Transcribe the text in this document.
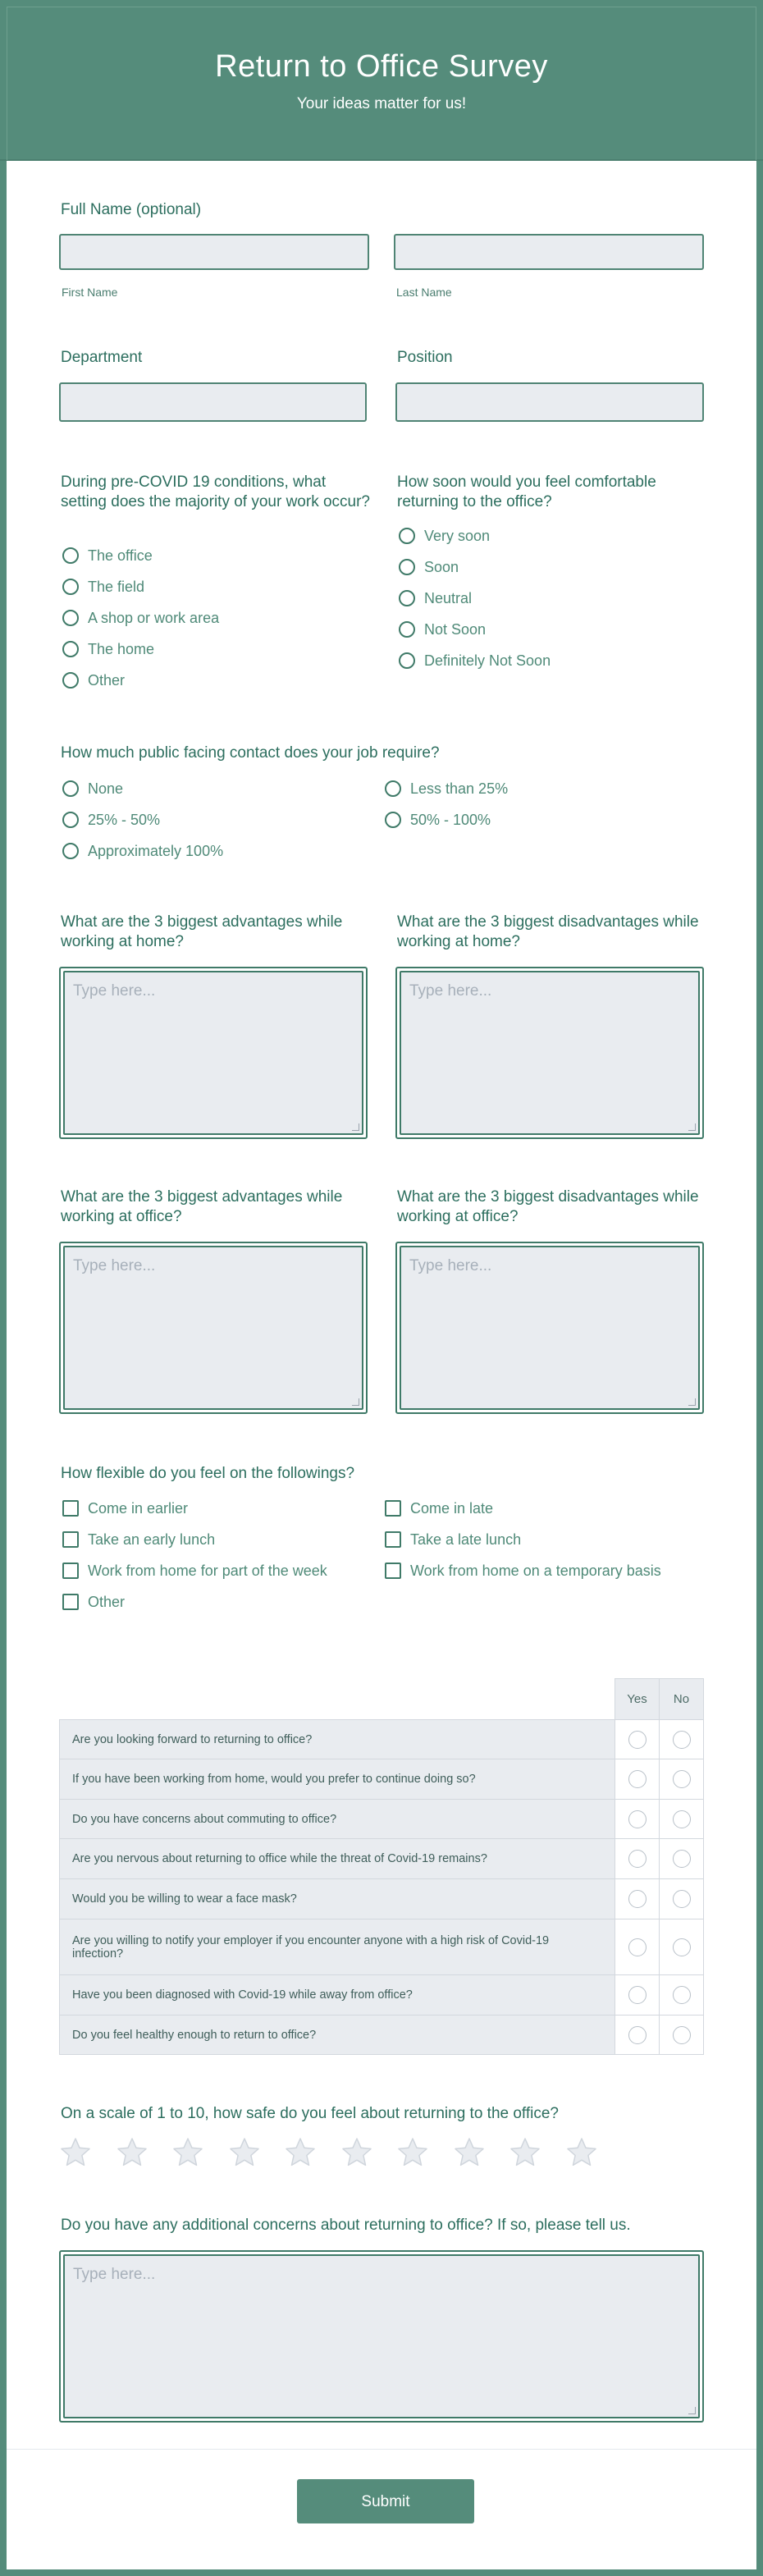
Return to Office Survey
Your ideas matter for us!
Full Name (optional)
First Name	Last Name
Department	Position
During pre-COVID 19 conditions, what setting does the majority of your work occur?
The office
The field
A shop or work area
The home
Other
How soon would you feel comfortable returning to the office?
Very soon
Soon
Neutral
Not Soon
Definitely Not Soon
How much public facing contact does your job require?
None	Less than 25%
25% - 50%	50% - 100%
Approximately 100%
What are the 3 biggest advantages while working at home?
Type here...
What are the 3 biggest disadvantages while working at home?
Type here...
What are the 3 biggest advantages while working at office?
Type here...
What are the 3 biggest disadvantages while working at office?
Type here...
How flexible do you feel on the followings?
Come in earlier	Come in late
Take an early lunch	Take a late lunch
Work from home for part of the week	Work from home on a temporary basis
Other
	Yes	No
Are you looking forward to returning to office?		
If you have been working from home, would you prefer to continue doing so?		
Do you have concerns about commuting to office?		
Are you nervous about returning to office while the threat of Covid-19 remains?		
Would you be willing to wear a face mask?		
Are you willing to notify your employer if you encounter anyone with a high risk of Covid-19 infection?		
Have you been diagnosed with Covid-19 while away from office?		
Do you feel healthy enough to return to office?		
On a scale of 1 to 10, how safe do you feel about returning to the office?
Do you have any additional concerns about returning to office? If so, please tell us.
Type here...
Submit
